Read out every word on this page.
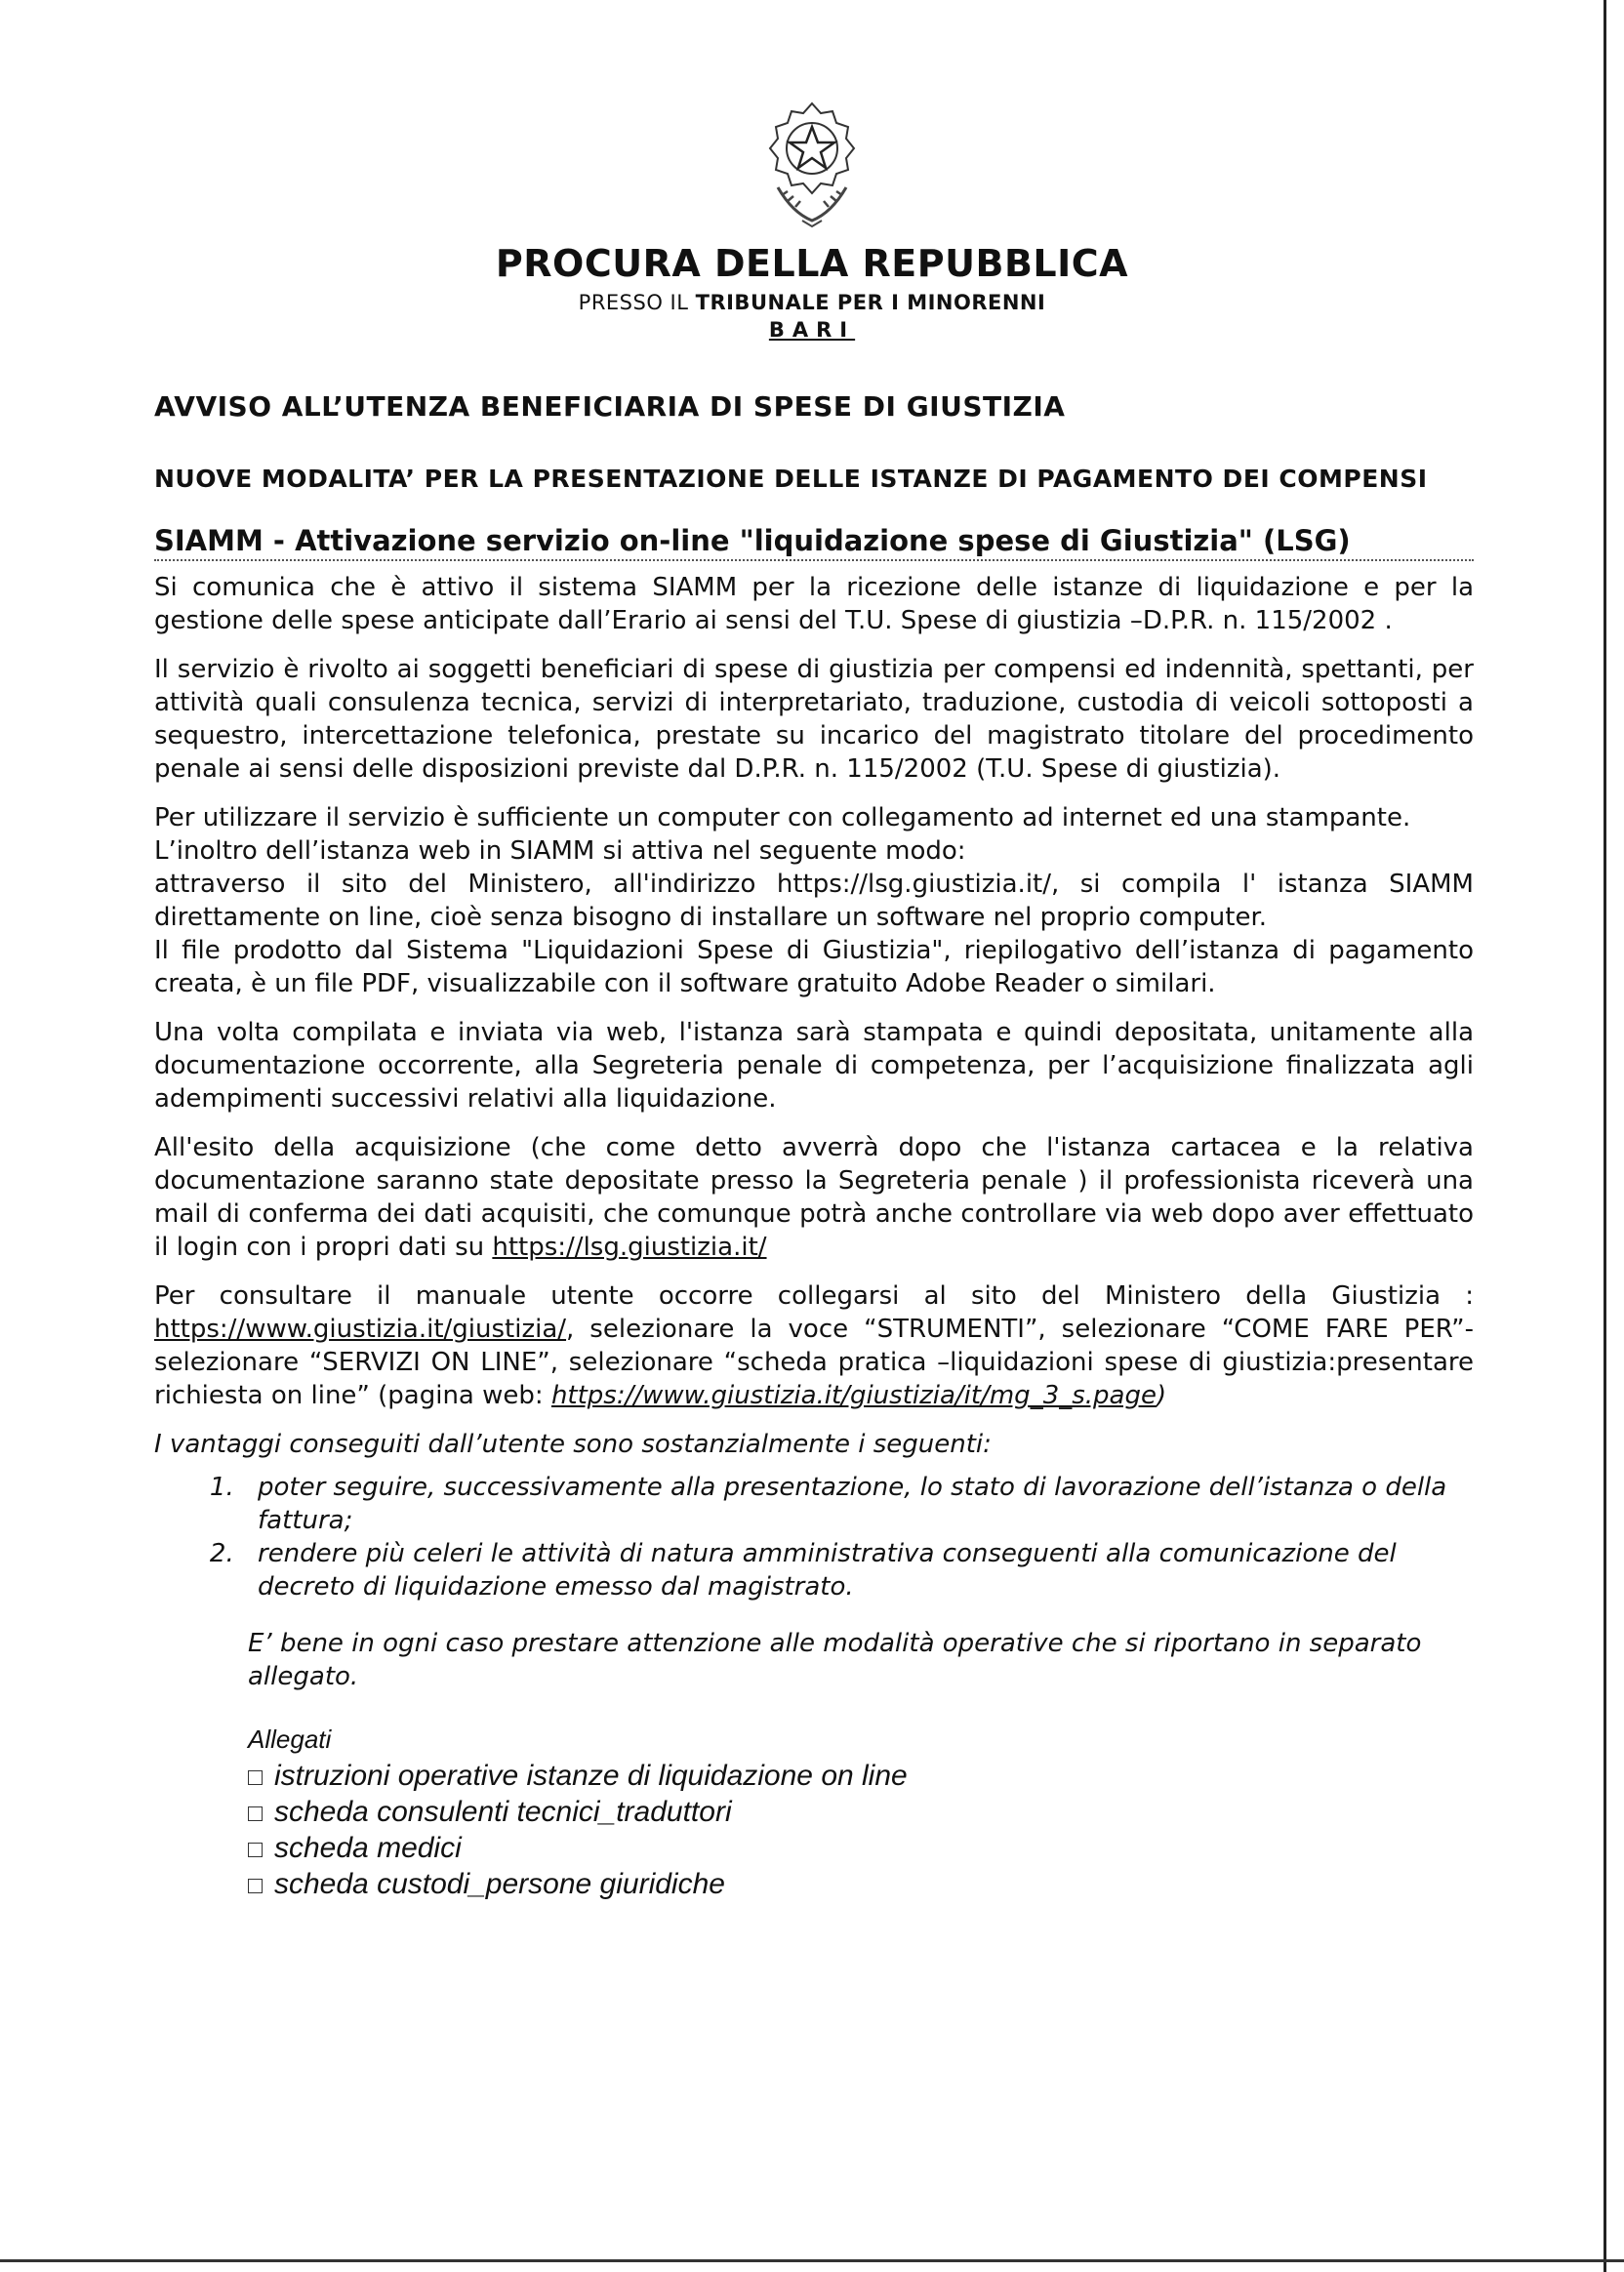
PROCURA DELLA REPUBBLICA
PRESSO IL TRIBUNALE PER I MINORENNI
BARI
AVVISO ALL’UTENZA BENEFICIARIA DI SPESE DI GIUSTIZIA
NUOVE MODALITA’ PER LA PRESENTAZIONE DELLE ISTANZE DI PAGAMENTO DEI COMPENSI
SIAMM - Attivazione servizio on-line "liquidazione spese di Giustizia" (LSG)

Si comunica che è attivo il sistema SIAMM per la ricezione delle istanze di liquidazione e per la gestione delle spese anticipate dall’Erario ai sensi del T.U. Spese di giustizia –D.P.R. n. 115/2002 .

Il servizio è rivolto ai soggetti beneficiari di spese di giustizia per compensi ed indennità, spettanti, per attività quali consulenza tecnica, servizi di interpretariato, traduzione, custodia di veicoli sottoposti a sequestro, intercettazione telefonica, prestate su incarico del magistrato titolare del procedimento penale ai sensi delle disposizioni previste dal D.P.R. n. 115/2002 (T.U. Spese di giustizia).

Per utilizzare il servizio è sufficiente un computer con collegamento ad internet ed una stampante.

L’inoltro dell’istanza web in SIAMM si attiva nel seguente modo:

attraverso il sito del Ministero, all'indirizzo https://lsg.giustizia.it/, si compila l' istanza SIAMM direttamente on line, cioè senza bisogno di installare un software nel proprio computer.

Il file prodotto dal Sistema "Liquidazioni Spese di Giustizia", riepilogativo dell’istanza di pagamento creata, è un file PDF, visualizzabile con il software gratuito Adobe Reader o similari.

Una volta compilata e inviata via web, l'istanza sarà stampata e quindi depositata, unitamente alla documentazione occorrente, alla Segreteria penale di competenza, per l’acquisizione finalizzata agli adempimenti successivi relativi alla liquidazione.

All'esito della acquisizione (che come detto avverrà dopo che l'istanza cartacea e la relativa documentazione saranno state depositate presso la Segreteria penale ) il professionista riceverà una mail di conferma dei dati acquisiti, che comunque potrà anche controllare via web dopo aver effettuato il login con i propri dati su https://lsg.giustizia.it/

Per consultare il manuale utente occorre collegarsi al sito del Ministero della Giustizia : https://www.giustizia.it/giustizia/, selezionare la voce “STRUMENTI”, selezionare “COME FARE PER”- selezionare “SERVIZI ON LINE”, selezionare “scheda pratica –liquidazioni spese di giustizia:presentare richiesta on line” (pagina web: https://www.giustizia.it/giustizia/it/mg_3_s.page)

I vantaggi conseguiti dall’utente sono sostanzialmente i seguenti:

1. poter seguire, successivamente alla presentazione, lo stato di lavorazione dell’istanza o della fattura;
2. rendere più celeri le attività di natura amministrativa conseguenti alla comunicazione del decreto di liquidazione emesso dal magistrato.

E’ bene in ogni caso prestare attenzione alle modalità operative che si riportano in separato allegato.

Allegati
istruzioni operative istanze di liquidazione on line
scheda consulenti tecnici_traduttori
scheda medici
scheda custodi_persone giuridiche
